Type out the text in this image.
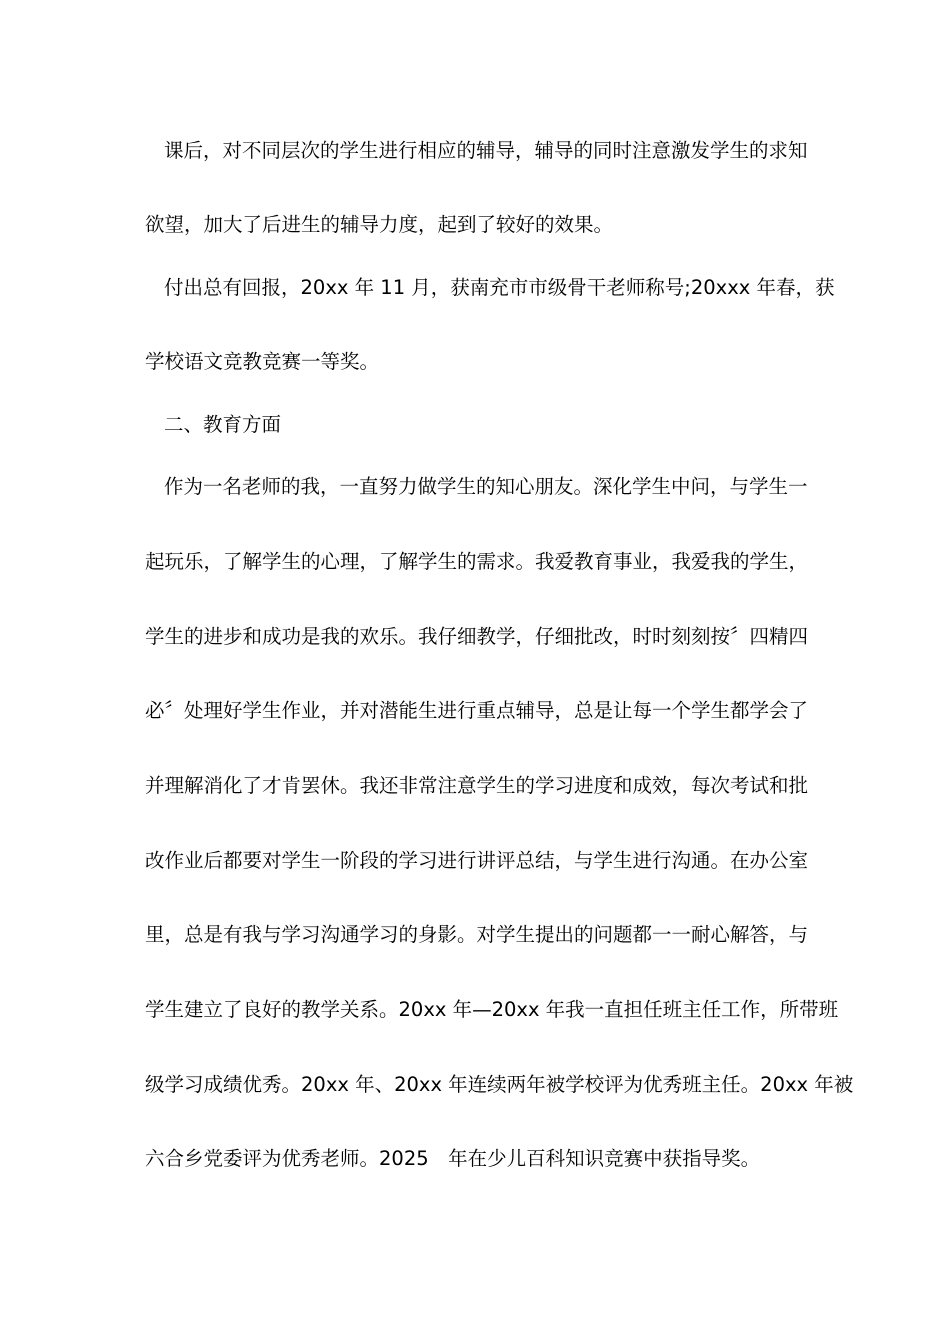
课后，对不同层次的学生进行相应的辅导，辅导的同时注意激发学生的求知
欲望，加大了后进生的辅导力度，起到了较好的效果。
付出总有回报，20xx 年 11 月，获南充市市级骨干老师称号;20xxx 年春，获
学校语文竞教竞赛一等奖。
二、教育方面
作为一名老师的我，一直努力做学生的知心朋友。深化学生中问，与学生一
起玩乐，了解学生的心理，了解学生的需求。我爱教育事业，我爱我的学生，
学生的进步和成功是我的欢乐。我仔细教学，仔细批改，时时刻刻按〞四精四
必〞处理好学生作业，并对潜能生进行重点辅导，总是让每一个学生都学会了
并理解消化了才肯罢休。我还非常注意学生的学习进度和成效，每次考试和批
改作业后都要对学生一阶段的学习进行讲评总结，与学生进行沟通。在办公室
里，总是有我与学习沟通学习的身影。对学生提出的问题都一一耐心解答，与
学生建立了良好的教学关系。20xx 年—20xx 年我一直担任班主任工作，所带班
级学习成绩优秀。20xx 年、20xx 年连续两年被学校评为优秀班主任。20xx 年被
六合乡党委评为优秀老师。2025　年在少儿百科知识竞赛中获指导奖。
